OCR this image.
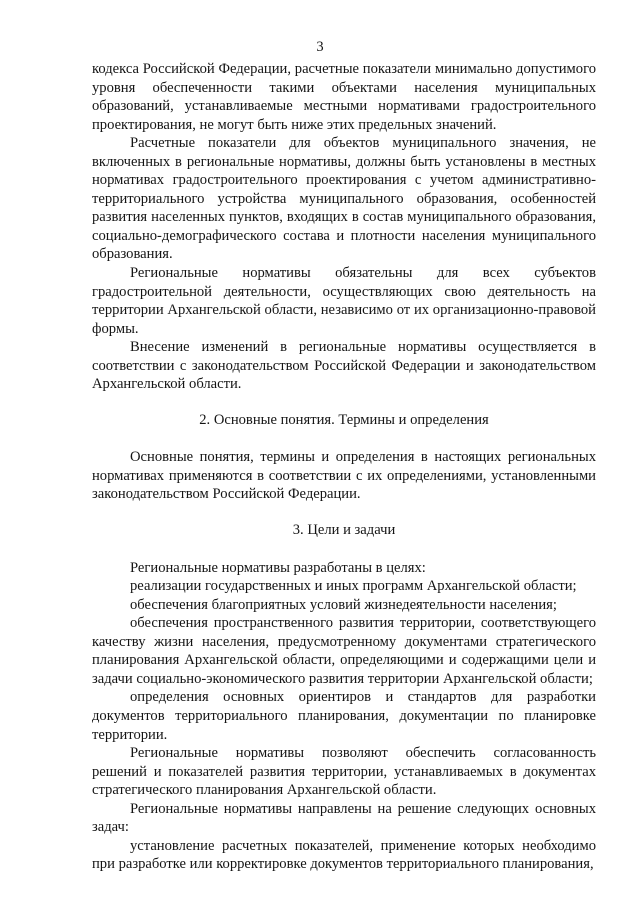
3

кодекса Российской Федерации, расчетные показатели минимально допустимого уровня обеспеченности такими объектами населения муниципальных образований, устанавливаемые местными нормативами градостроительного проектирования, не могут быть ниже этих предельных значений.

Расчетные показатели для объектов муниципального значения, не включенных в региональные нормативы, должны быть установлены в местных нормативах градостроительного проектирования с учетом административно-территориального устройства муниципального образования, особенностей развития населенных пунктов, входящих в состав муниципального образования, социально-демографического состава и плотности населения муниципального образования.

Региональные нормативы обязательны для всех субъектов градостроительной деятельности, осуществляющих свою деятельность на территории Архангельской области, независимо от их организационно-правовой формы.

Внесение изменений в региональные нормативы осуществляется в соответствии с законодательством Российской Федерации и законодательством Архангельской области.

2. Основные понятия. Термины и определения

Основные понятия, термины и определения в настоящих региональных нормативах применяются в соответствии с их определениями, установленными законодательством Российской Федерации.

3. Цели и задачи

Региональные нормативы разработаны в целях:

реализации государственных и иных программ Архангельской области;

обеспечения благоприятных условий жизнедеятельности населения;

обеспечения пространственного развития территории, соответствующего качеству жизни населения, предусмотренному документами стратегического планирования Архангельской области, определяющими и содержащими цели и задачи социально-экономического развития территории Архангельской области;

определения основных ориентиров и стандартов для разработки документов территориального планирования, документации по планировке территории.

Региональные нормативы позволяют обеспечить согласованность решений и показателей развития территории, устанавливаемых в документах стратегического планирования Архангельской области.

Региональные нормативы направлены на решение следующих основных задач:

установление расчетных показателей, применение которых необходимо при разработке или корректировке документов территориального планирования,
